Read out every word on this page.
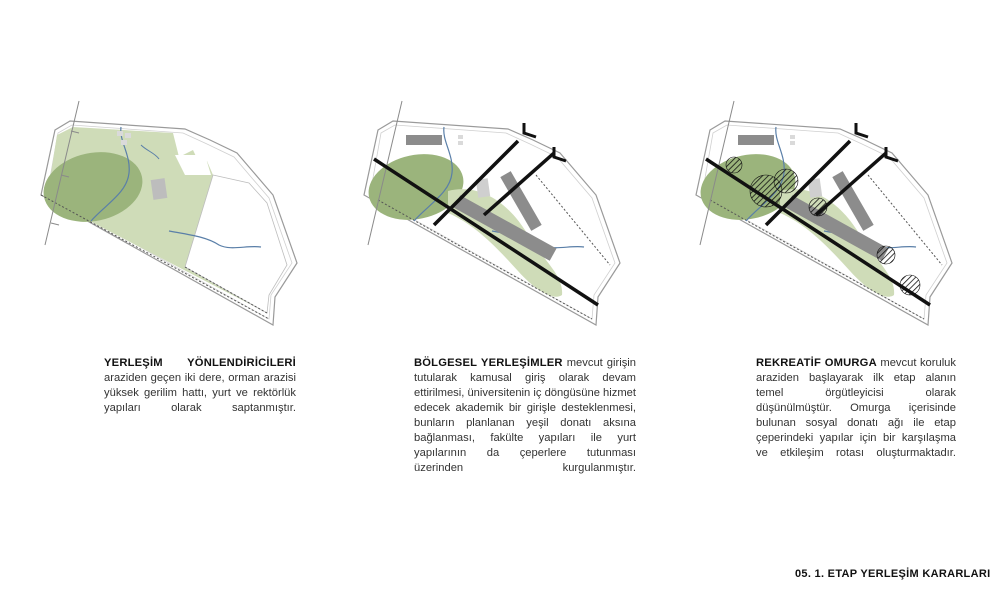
YERLEŞİM YÖNLENDİRİCİLERİ araziden geçen iki dere, orman arazisi yüksek gerilim hattı, yurt ve rektörlük yapıları olarak saptanmıştır.
BÖLGESEL YERLEŞİMLER mevcut girişin tutularak kamusal giriş olarak devam ettirilmesi, üniversitenin iç döngüsüne hizmet edecek akademik bir girişle desteklenmesi, bunların planlanan yeşil donatı aksına bağlanması, fakülte yapıları ile yurt yapılarının da çeperlere tutunması üzerinden kurgulanmıştır.
REKREATİF OMURGA mevcut koruluk araziden başlayarak ilk etap alanın temel örgütleyicisi olarak düşünülmüştür. Omurga içerisinde bulunan sosyal donatı ağı ile etap çeperindeki yapılar için bir karşılaşma ve etkileşim rotası oluşturmaktadır.
05. 1. ETAP YERLEŞİM KARARLARI
